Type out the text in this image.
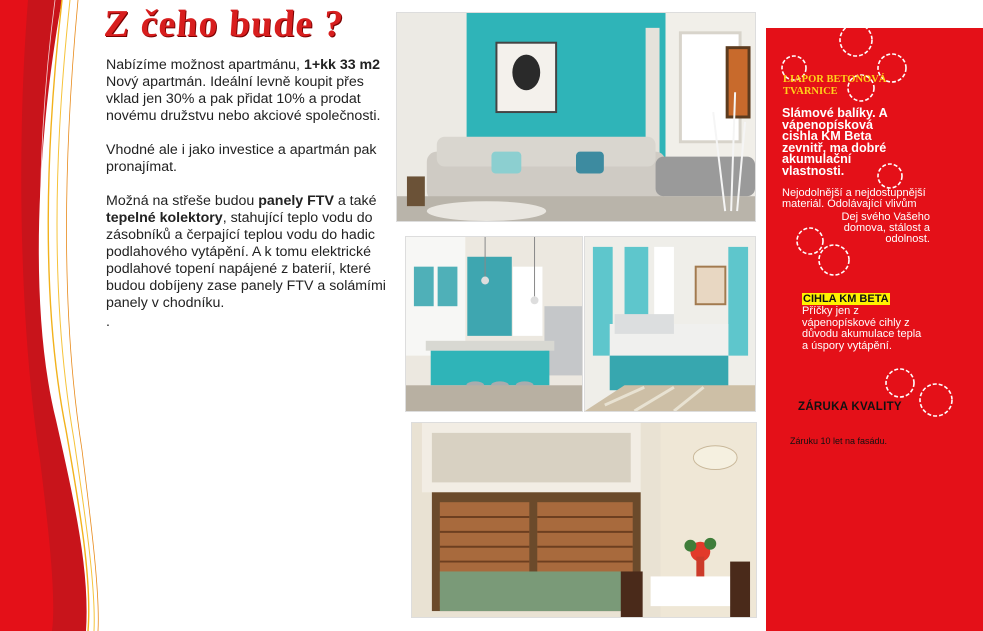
Z čeho bude ?

Nabízíme možnost apartmánu, 1+kk 33 m2 Nový apartmán. Ideální levně koupit přes vklad jen 30% a pak přidat 10% a prodat novému družstvu nebo akciové společnosti.

Vhodné ale i jako investice a apartmán pak pronajímat.

Možná na střeše budou panely FTV a také tepelné kolektory, stahující teplo vodu do zásobníků a čerpající teplou vodu do hadic podlahového vytápění. A k tomu elektrické podlahové topení napájené z baterií, které budou dobíjeny zase panely FTV a solámími panely v chodníku.

.

LIAPOR BETONOVÁ TVARNICE
Slámové balíky. A vápenopísková cishla KM Beta zevnitř, ma dobré akumulační vlastnosti.
Nejodolnější a nejdostupnější materiál. Odolávající vlivům
Dej svého Vašeho domova, stálost a odolnost.
CIHLA KM BETA
Příčky jen z vápenopískové cihly z důvodu akumulace tepla a úspory vytápění.
ZÁRUKA KVALITY
Záruku 10 let na fasádu.
